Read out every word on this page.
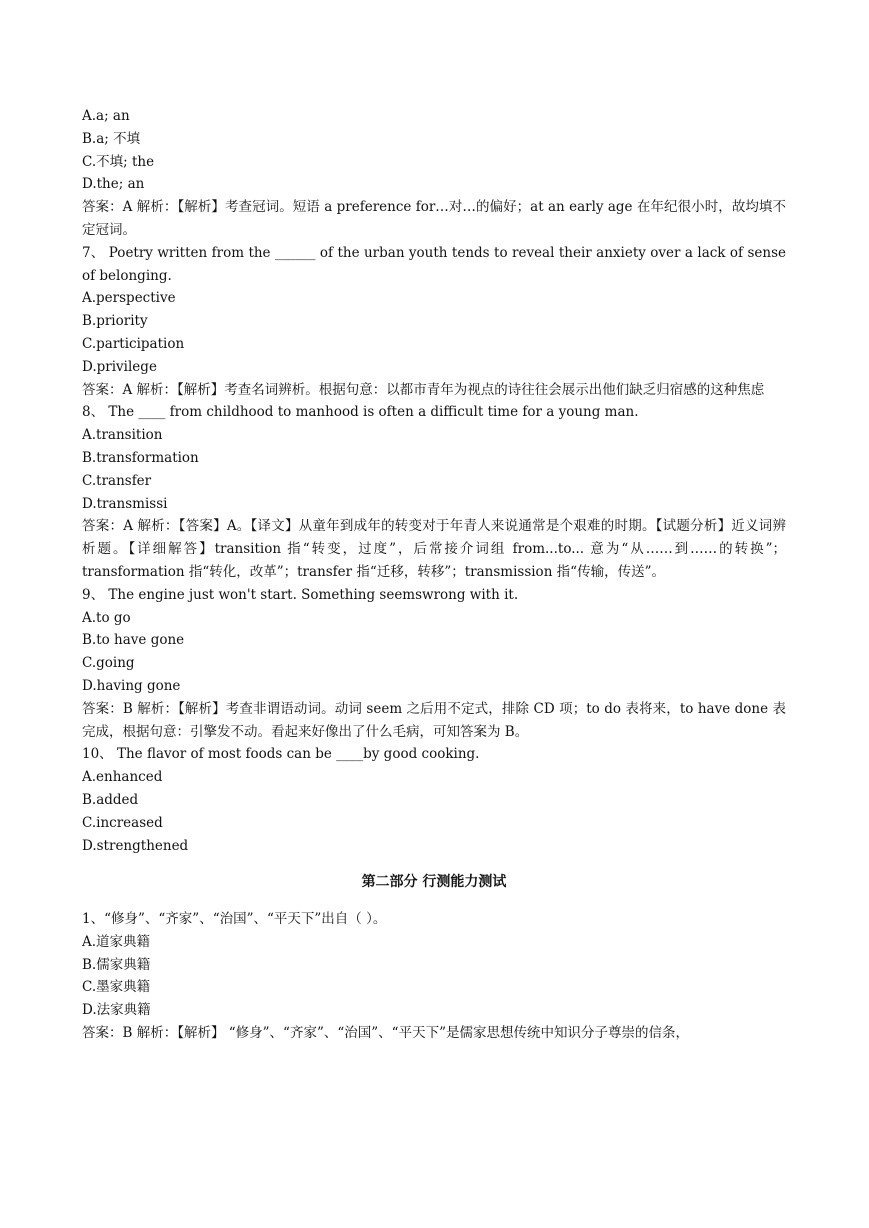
A.a; an
B.a; 不填
C.不填; the
D.the; an
答案：A 解析：【解析】考查冠词。短语 a preference for…对…的偏好；at an early age 在年纪很小时，故均填不定冠词。
7、 Poetry written from the ______ of the urban youth tends to reveal their anxiety over a lack of sense of belonging.
A.perspective
B.priority
C.participation
D.privilege
答案：A 解析：【解析】考查名词辨析。根据句意：以都市青年为视点的诗往往会展示出他们缺乏归宿感的这种焦虑
8、 The ____ from childhood to manhood is often a difficult time for a young man.
A.transition
B.transformation
C.transfer
D.transmissi
答案：A 解析：【答案】A。【译文】从童年到成年的转变对于年青人来说通常是个艰难的时期。【试题分析】近义词辨析题。【详细解答】transition 指“转变，过度”，后常接介词组 from...to... 意为“从……到……的转换”；transformation 指“转化，改革”；transfer 指“迁移，转移”；transmission 指“传输，传送”。
9、 The engine just won't start. Something seemswrong with it.
A.to go
B.to have gone
C.going
D.having gone
答案：B 解析：【解析】考查非谓语动词。动词 seem 之后用不定式，排除 CD 项；to do 表将来，to have done 表完成，根据句意：引擎发不动。看起来好像出了什么毛病，可知答案为 B。
10、 The flavor of most foods can be ____by good cooking.
A.enhanced
B.added
C.increased
D.strengthened
第二部分 行测能力测试
1、“修身”、“齐家”、“治国”、“平天下”出自（ ）。
A.道家典籍
B.儒家典籍
C.墨家典籍
D.法家典籍
答案：B 解析：【解析】 “修身”、“齐家”、“治国”、“平天下”是儒家思想传统中知识分子尊崇的信条，
